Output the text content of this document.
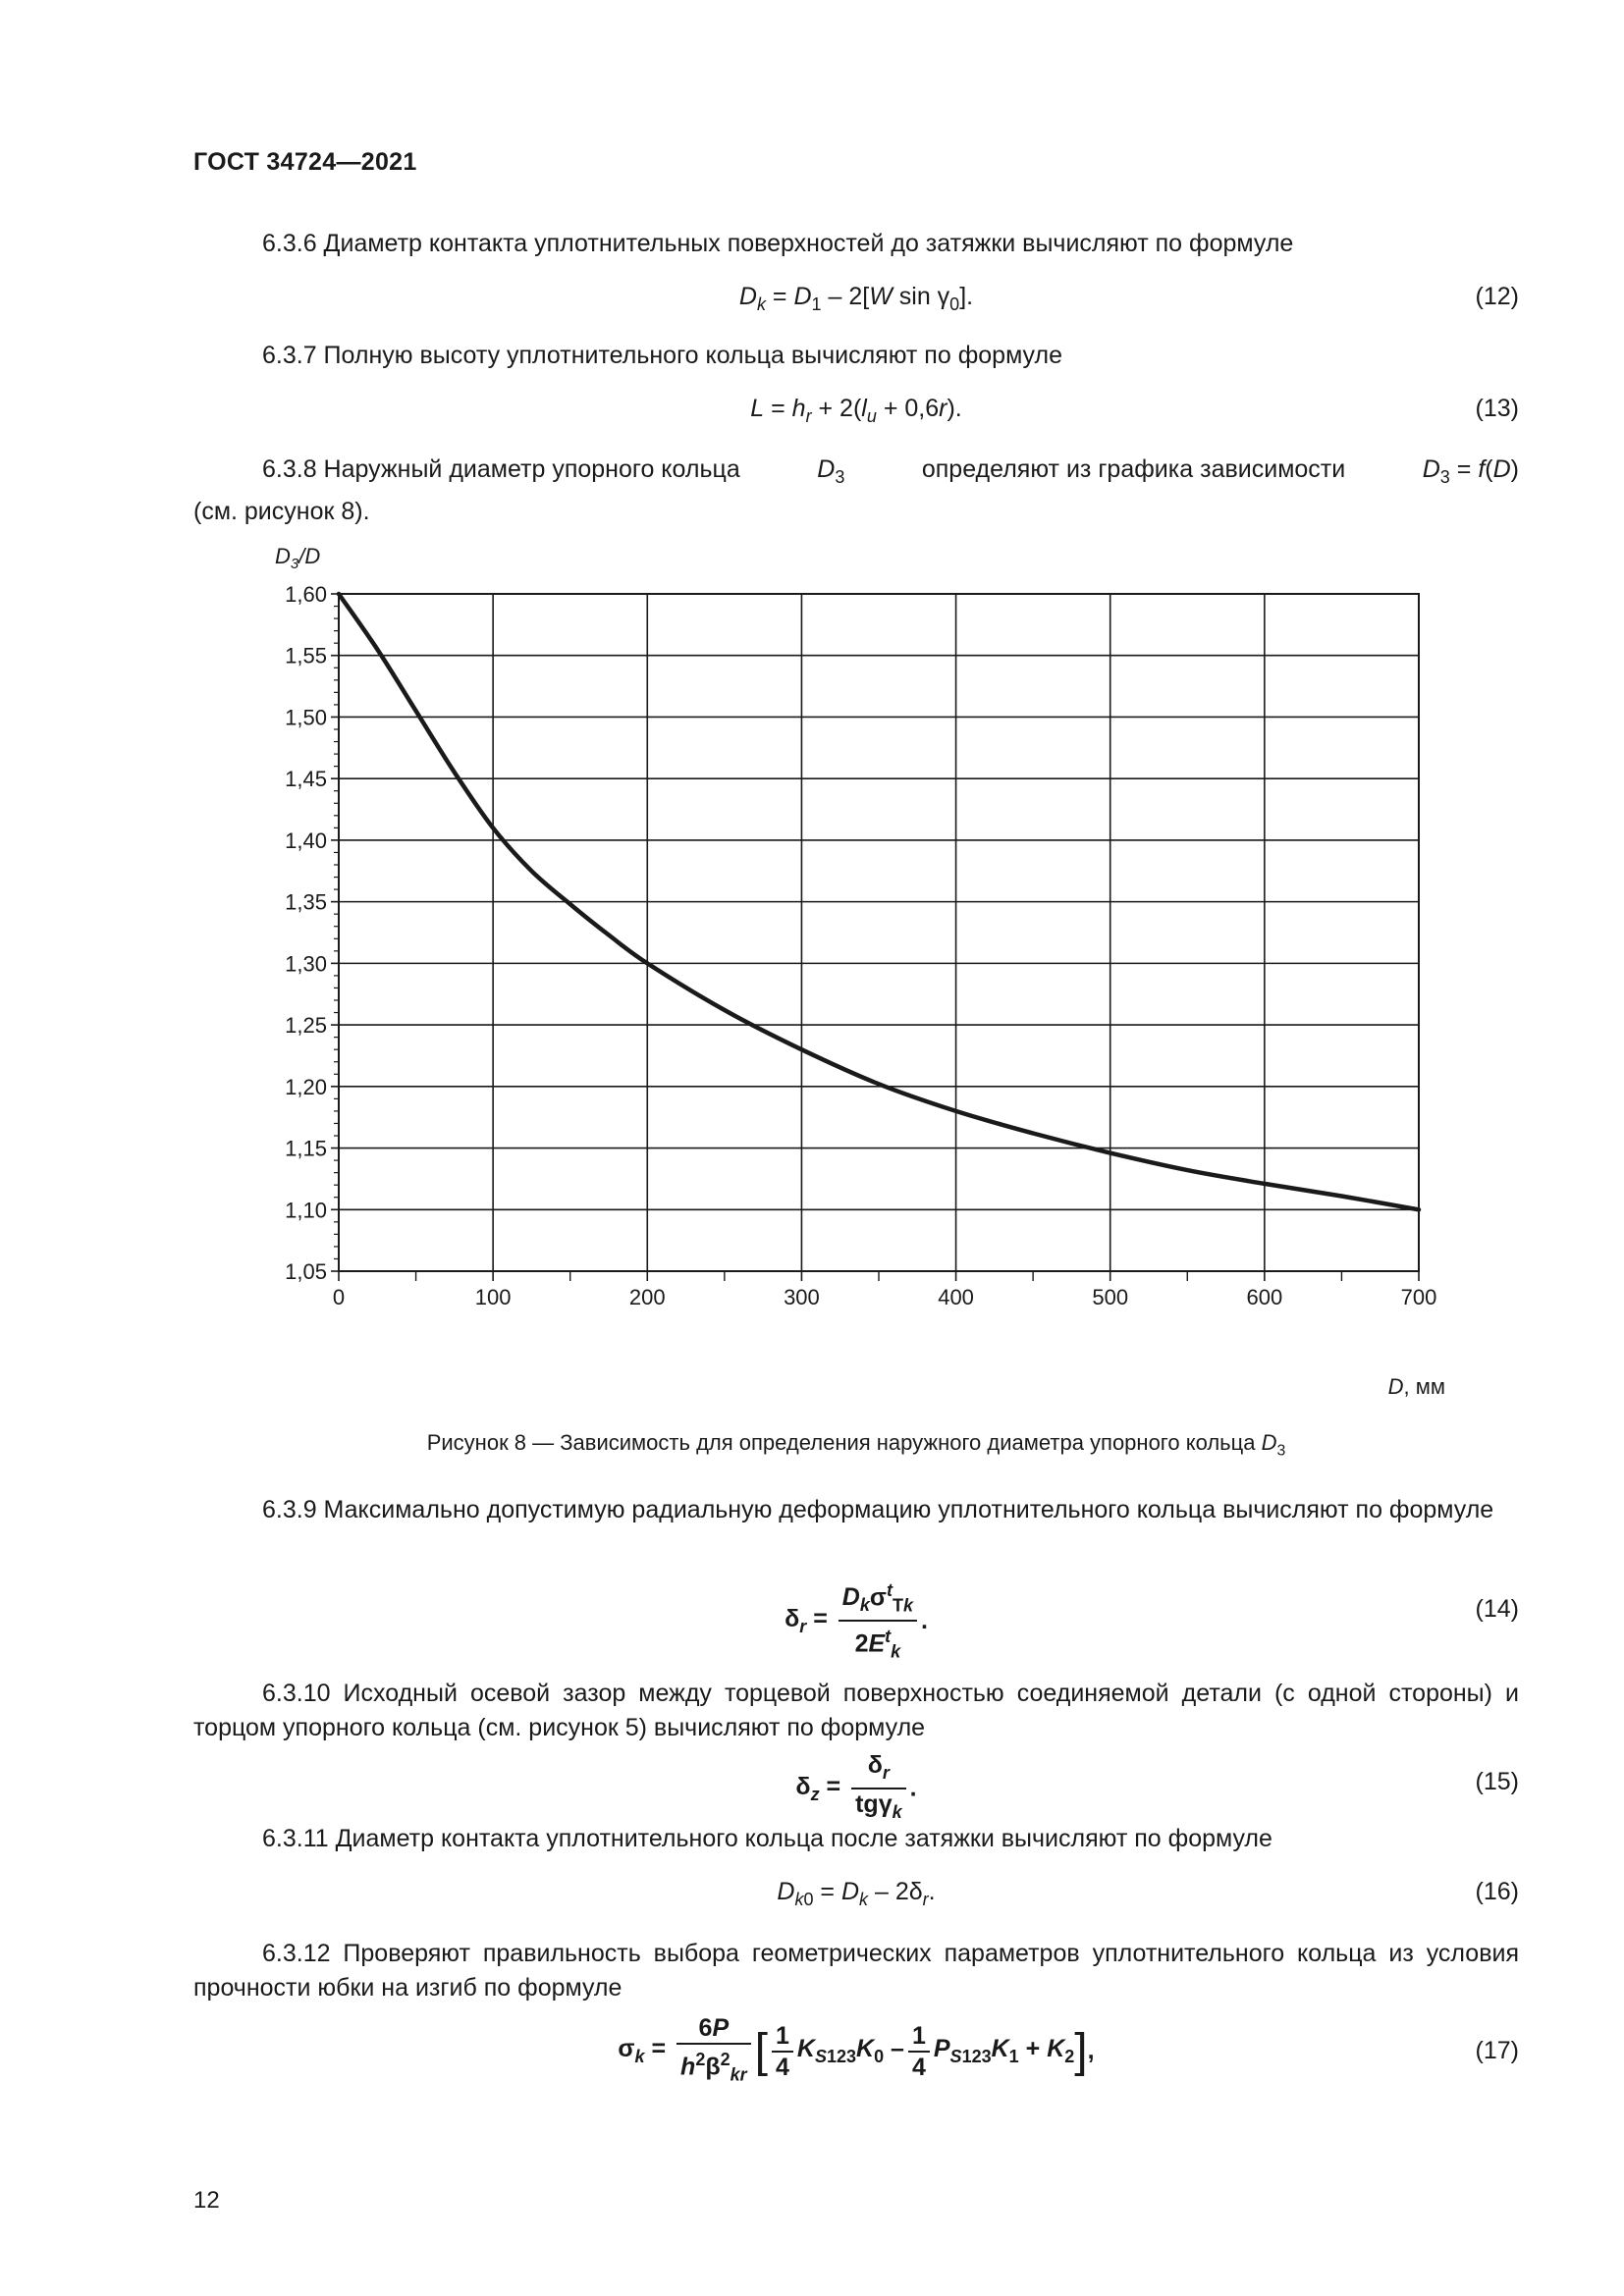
ГОСТ 34724—2021
6.3.6 Диаметр контакта уплотнительных поверхностей до затяжки вычисляют по формуле
$D_k = D_1 - 2[W$ $\sin \gamma_0$].	(12)
6.3.7 Полную высоту уплотнительного кольца вычисляют по формуле
$L = h_r + 2(l_u + 0,6r)$.	(13)
6.3.8 Наружный диаметр упорного кольца	$D_3$	определяют из графика зависимости	$D_3 = f(D)$
(см. рисунок 8).
1,05
1,10
1,15
1,20
1,25
1,30
1,35
1,40
1,45
1,50
1,55
1,60
0	100	200	300	400	500	600	700
$D_3/D$
D, мм
Рисунок 8 — Зависимость для определения наружного диаметра упорного кольца $D_3$
6.3.9 Максимально допустимую радиальную деформацию уплотнительного кольца вычисляют по формуле
$\delta_r = \frac{D_k\sigma^t_{Tk}}{2E^t_k}$ .	(14)
6.3.10 Исходный осевой зазор между торцевой поверхностью соединяемой детали (с одной стороны) и торцом упорного кольца (см. рисунок 5) вычисляют по формуле
$\delta_z = \frac{\delta_r}{tg\gamma_k}$ .	(15)
6.3.11 Диаметр контакта уплотнительного кольца после затяжки вычисляют по формуле
$D_{k0} = D_k - 2\delta_r$.	(16)
6.3.12 Проверяют правильность выбора геометрических параметров уплотнительного кольца из условия прочности юбки на изгиб по формуле
$\sigma_k = \frac{6P}{h^2\beta^2_{kr}}$ [ $\frac{1}{4} K_{S123}K_0 - \frac{1}{4} P_{S123}K_1 + K_2$],	(17)
12
